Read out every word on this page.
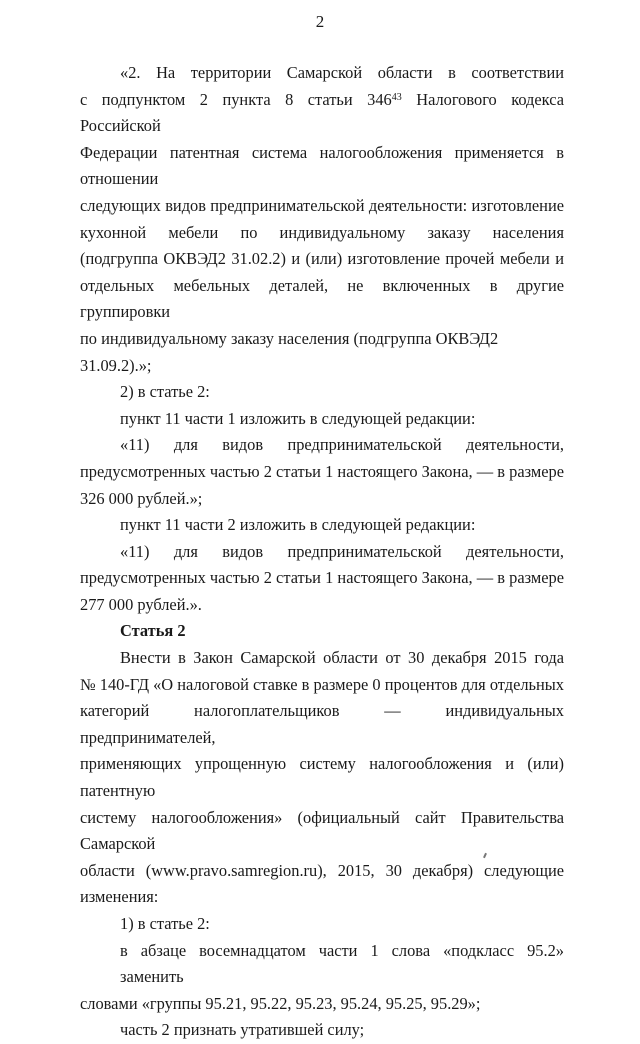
2

«2. На территории Самарской области в соответствии

с подпунктом 2 пункта 8 статьи $346^{43}$ Налогового кодекса Российской

Федерации патентная система налогообложения применяется в отношении

следующих видов предпринимательской деятельности: изготовление

кухонной мебели по индивидуальному заказу населения

(подгруппа ОКВЭД2 31.02.2) и (или) изготовление прочей мебели и

отдельных мебельных деталей, не включенных в другие группировки

по индивидуальному заказу населения (подгруппа ОКВЭД2 31.09.2).»;

2) в статье 2:

пункт 11 части 1 изложить в следующей редакции:

«11) для видов предпринимательской деятельности,

предусмотренных частью 2 статьи 1 настоящего Закона, — в размере

326 000 рублей.»;

пункт 11 части 2 изложить в следующей редакции:

«11) для видов предпринимательской деятельности,

предусмотренных частью 2 статьи 1 настоящего Закона, — в размере

277 000 рублей.».

Статья 2

Внести в Закон Самарской области от 30 декабря 2015 года

№ 140-ГД «О налоговой ставке в размере 0 процентов для отдельных

категорий налогоплательщиков — индивидуальных предпринимателей,

применяющих упрощенную систему налогообложения и (или) патентную

систему налогообложения» (официальный сайт Правительства Самарской

области (www.pravo.samregion.ru), 2015, 30 декабря) следующие

изменения:

1) в статье 2:

в абзаце восемнадцатом части 1 слова «подкласс 95.2» заменить

словами «группы 95.21, 95.22, 95.23, 95.24, 95.25, 95.29»;

часть 2 признать утратившей силу;
